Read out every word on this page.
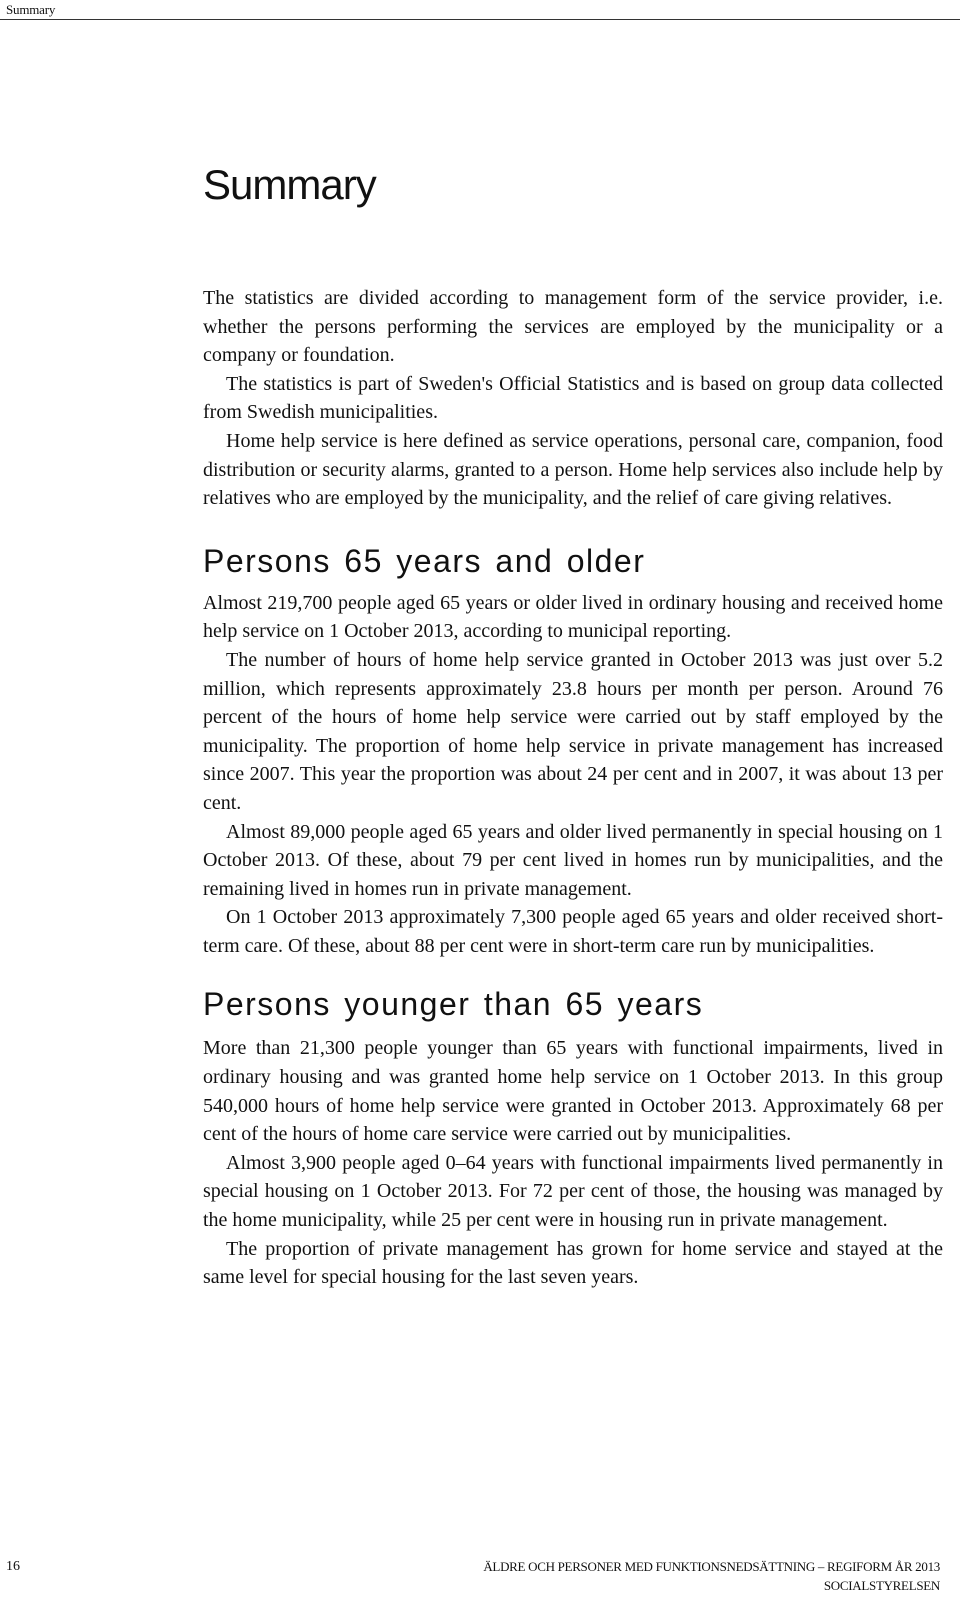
Summary
Summary

The statistics are divided according to management form of the service provider, i.e. whether the persons performing the services are employed by the municipality or a company or foundation.

The statistics is part of Sweden's Official Statistics and is based on group data collected from Swedish municipalities.

Home help service is here defined as service operations, personal care, companion, food distribution or security alarms, granted to a person. Home help services also include help by relatives who are employed by the municipality, and the relief of care giving relatives.

Persons 65 years and older

Almost 219,700 people aged 65 years or older lived in ordinary housing and received home help service on 1 October 2013, according to municipal reporting.

The number of hours of home help service granted in October 2013 was just over 5.2 million, which represents approximately 23.8 hours per month per person. Around 76 percent of the hours of home help service were carried out by staff employed by the municipality. The proportion of home help service in private management has increased since 2007. This year the proportion was about 24 per cent and in 2007, it was about 13 per cent.

Almost 89,000 people aged 65 years and older lived permanently in special housing on 1 October 2013. Of these, about 79 per cent lived in homes run by municipalities, and the remaining lived in homes run in private management.

On 1 October 2013 approximately 7,300 people aged 65 years and older received short-term care. Of these, about 88 per cent were in short-term care run by municipalities.

Persons younger than 65 years

More than 21,300 people younger than 65 years with functional impairments, lived in ordinary housing and was granted home help service on 1 October 2013. In this group 540,000 hours of home help service were granted in October 2013. Approximately 68 per cent of the hours of home care service were carried out by municipalities.

Almost 3,900 people aged 0–64 years with functional impairments lived permanently in special housing on 1 October 2013. For 72 per cent of those, the housing was managed by the home municipality, while 25 per cent were in housing run in private management.

The proportion of private management has grown for home service and stayed at the same level for special housing for the last seven years.

16	ÄLDRE OCH PERSONER MED FUNKTIONSNEDSÄTTNING – REGIFORM ÅR 2013
SOCIALSTYRELSEN
